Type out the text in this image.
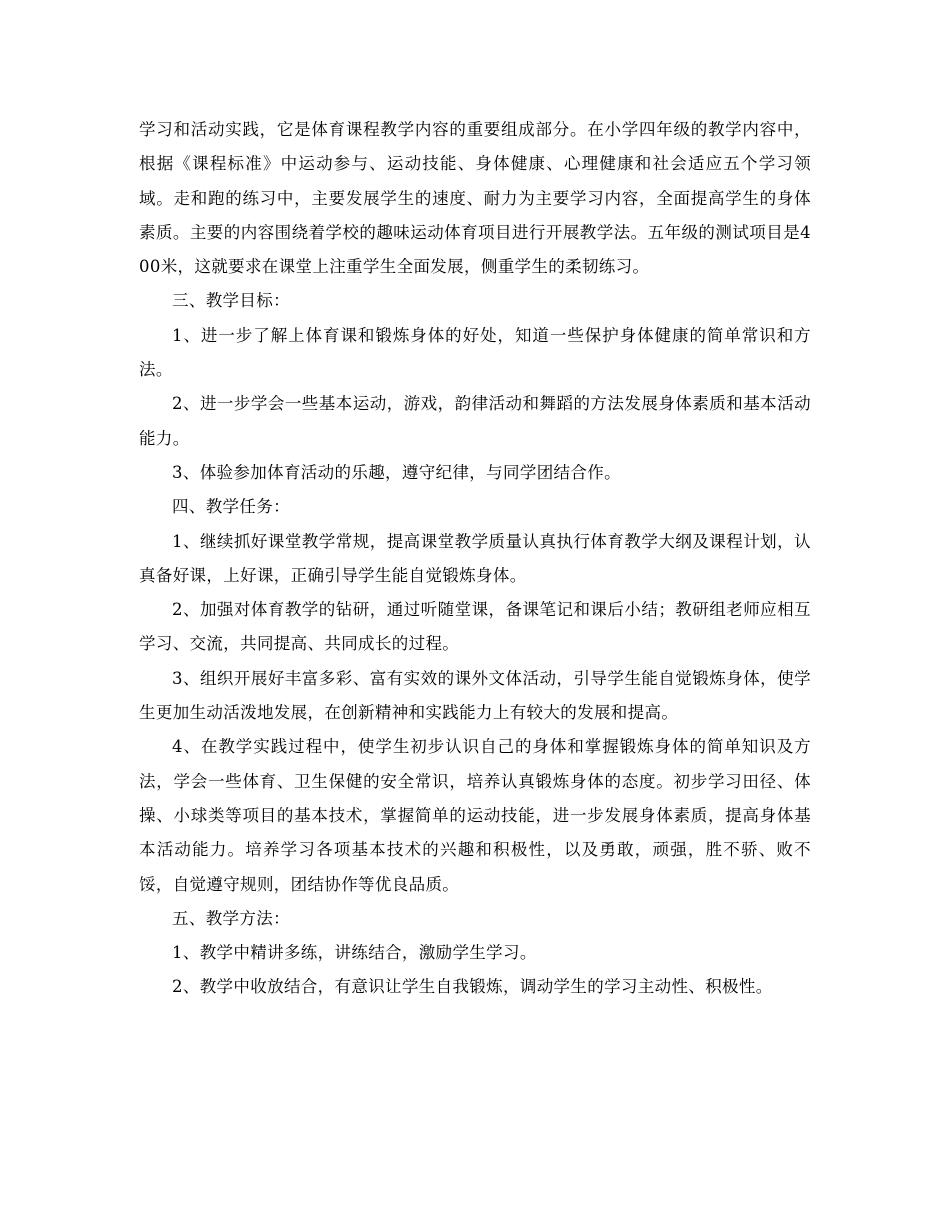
学习和活动实践，它是体育课程教学内容的重要组成部分。在小学四年级的教学内容中，根据《课程标准》中运动参与、运动技能、身体健康、心理健康和社会适应五个学习领域。走和跑的练习中，主要发展学生的速度、耐力为主要学习内容，全面提高学生的身体素质。主要的内容围绕着学校的趣味运动体育项目进行开展教学法。五年级的测试项目是400米，这就要求在课堂上注重学生全面发展，侧重学生的柔韧练习。

三、教学目标：

1、进一步了解上体育课和锻炼身体的好处，知道一些保护身体健康的简单常识和方法。

2、进一步学会一些基本运动，游戏，韵律活动和舞蹈的方法发展身体素质和基本活动能力。

3、体验参加体育活动的乐趣，遵守纪律，与同学团结合作。

四、教学任务：

1、继续抓好课堂教学常规，提高课堂教学质量认真执行体育教学大纲及课程计划，认真备好课，上好课，正确引导学生能自觉锻炼身体。

2、加强对体育教学的钻研，通过听随堂课，备课笔记和课后小结；教研组老师应相互学习、交流，共同提高、共同成长的过程。

3、组织开展好丰富多彩、富有实效的课外文体活动，引导学生能自觉锻炼身体，使学生更加生动活泼地发展，在创新精神和实践能力上有较大的发展和提高。

4、在教学实践过程中，使学生初步认识自己的身体和掌握锻炼身体的简单知识及方法，学会一些体育、卫生保健的安全常识，培养认真锻炼身体的态度。初步学习田径、体操、小球类等项目的基本技术，掌握简单的运动技能，进一步发展身体素质，提高身体基本活动能力。培养学习各项基本技术的兴趣和积极性，以及勇敢，顽强，胜不骄、败不馁，自觉遵守规则，团结协作等优良品质。

五、教学方法：

1、教学中精讲多练，讲练结合，激励学生学习。

2、教学中收放结合，有意识让学生自我锻炼，调动学生的学习主动性、积极性。
